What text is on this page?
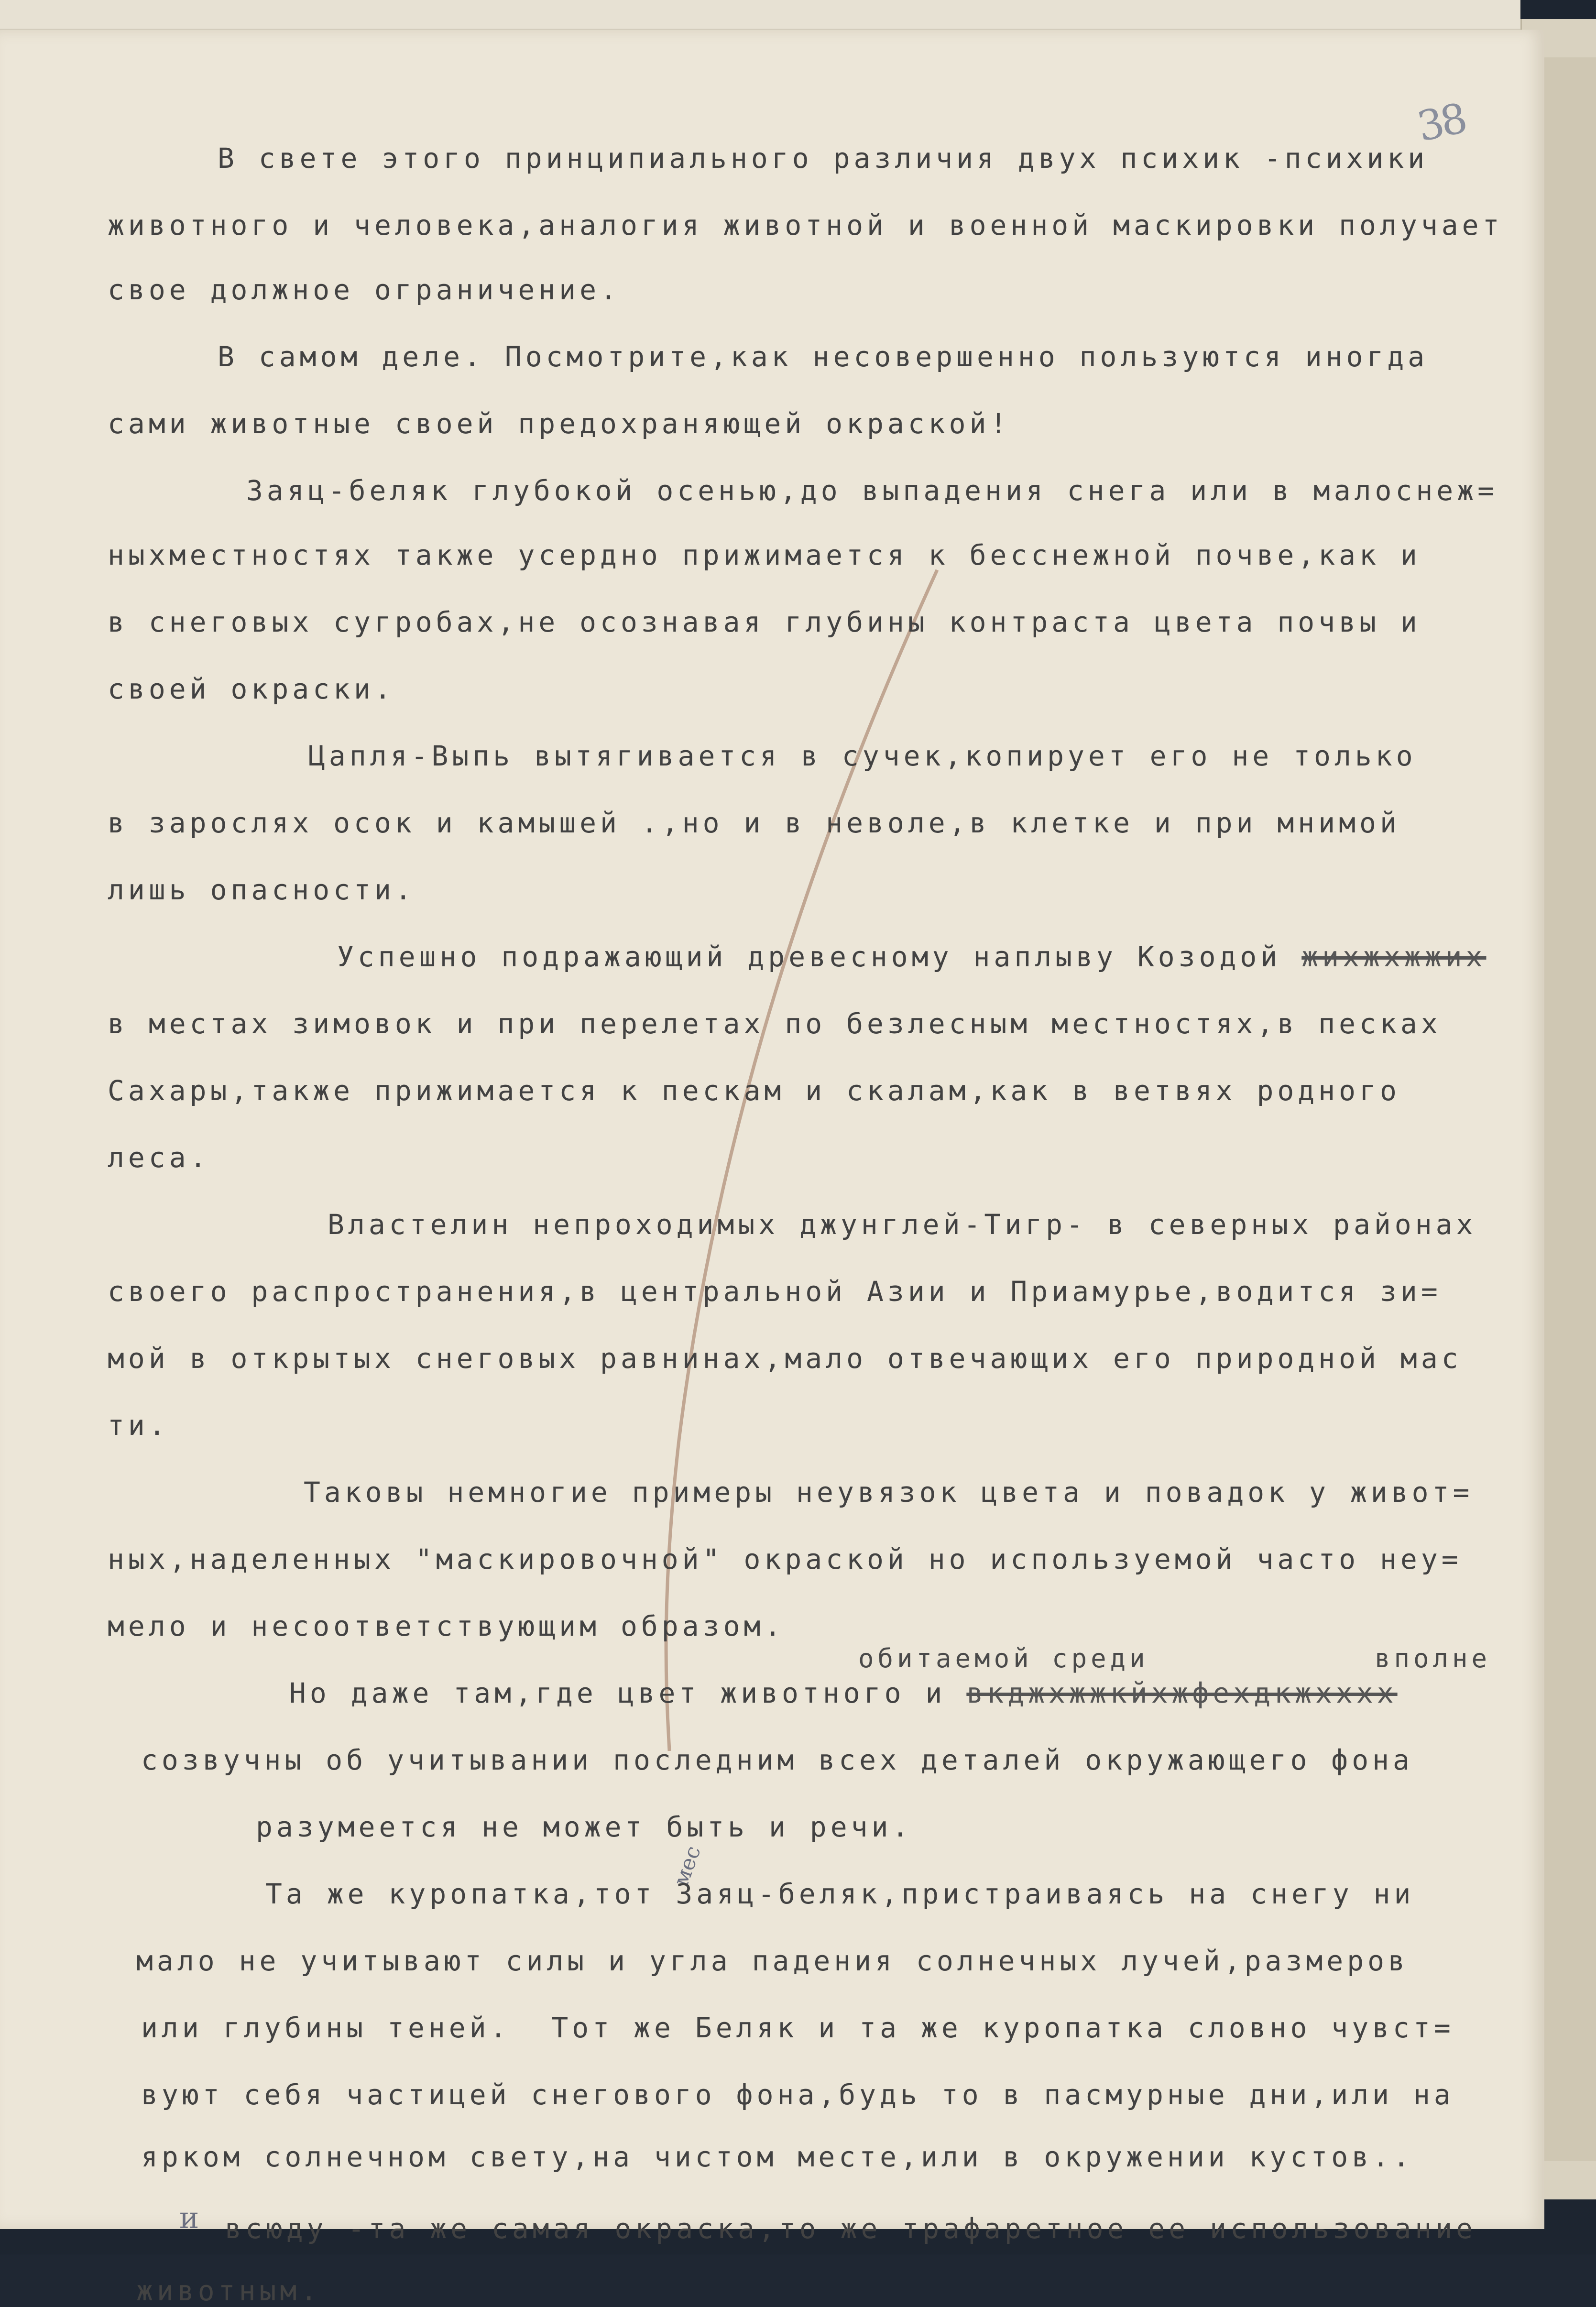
38
В свете этого принципиального различия двух психик -психики
животного и человека,аналогия животной и военной маскировки получает
свое должное ограничение.
В самом деле. Посмотрите,как несовершенно пользуются иногда
сами животные своей предохраняющей окраской!
Заяц-беляк глубокой осенью,до выпадения снега или в малоснеж=
ныхместностях также усердно прижимается к бесснежной почве,как и
в снеговых сугробах,не осознавая глубины контраста цвета почвы и
своей окраски.
Цапля-Выпь вытягивается в сучек,копирует его не только
в зарослях осок и камышей .,но и в неволе,в клетке и при мнимой
лишь опасности.
Успешно подражающий древесному наплыву Козодой жихжхжжих
в местах зимовок и при перелетах по безлесным местностях,в песках
Сахары,также прижимается к пескам и скалам,как в ветвях родного
леса.
Властелин непроходимых джунглей-Тигр- в северных районах
своего распространения,в центральной Азии и Приамурье,водится зи=
мой в открытых снеговых равнинах,мало отвечающих его природной мас
ти.
Таковы немногие примеры неувязок цвета и повадок у живот=
ных,наделенных "маскировочной" окраской но используемой часто неу=
мело и несоответствующим образом.
обитаемой среди	вполне
Но даже там,где цвет животного и вкджхжжкйхжфехдкжхххх
созвучны об учитывании последним всех деталей окружающего фона
разумеется не может быть и речи.
мес
Та же куропатка,тот Заяц-беляк,пристраиваясь на снегу ни
мало не учитывают силы и угла падения солнечных лучей,размеров
или глубины теней.  Тот же Беляк и та же куропатка словно чувст=
вуют себя частицей снегового фона,будь то в пасмурные дни,или на
ярком солнечном свету,на чистом месте,или в окружении кустов..
и всюду -та же самая окраска,то же трафаретное ее использование
животным.
